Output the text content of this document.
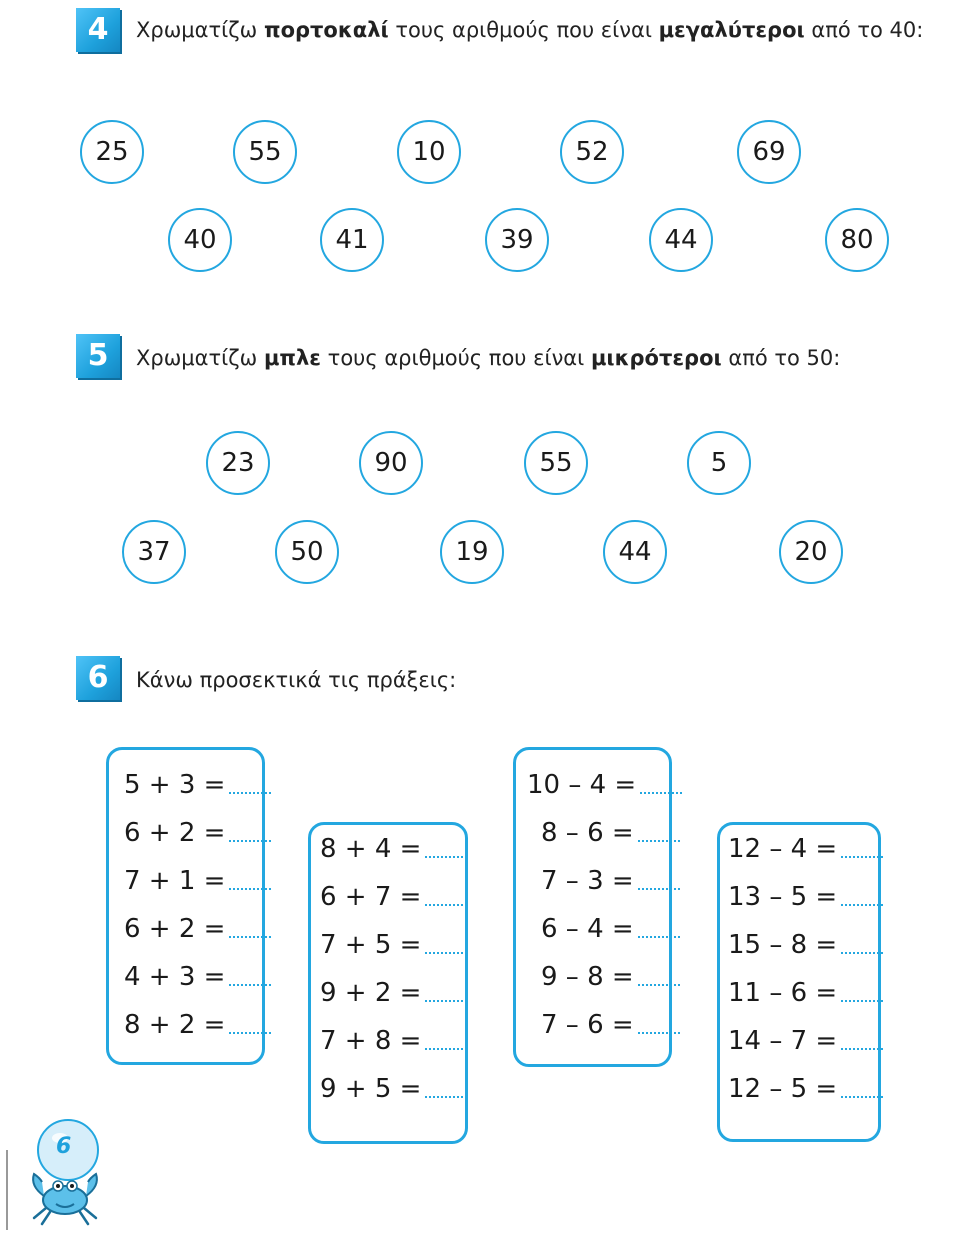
4	Χρωματίζω πορτοκαλί τους αριθμούς που είναι μεγαλύτεροι από το 40:
25	55	10	52	69
40	41	39	44	80
5	Χρωματίζω μπλε τους αριθμούς που είναι μικρότεροι από το 50:
23	90	55	5
37	50	19	44	20
6	Κάνω προσεκτικά τις πράξεις:
5 + 3 =
6 + 2 =
7 + 1 =
6 + 2 =
4 + 3 =
8 + 2 =
8 + 4 =
6 + 7 =
7 + 5 =
9 + 2 =
7 + 8 =
9 + 5 =
10 – 4 =
8 – 6 =
7 – 3 =
6 – 4 =
9 – 8 =
7 – 6 =
12 – 4 =
13 – 5 =
15 – 8 =
11 – 6 =
14 – 7 =
12 – 5 =
6
